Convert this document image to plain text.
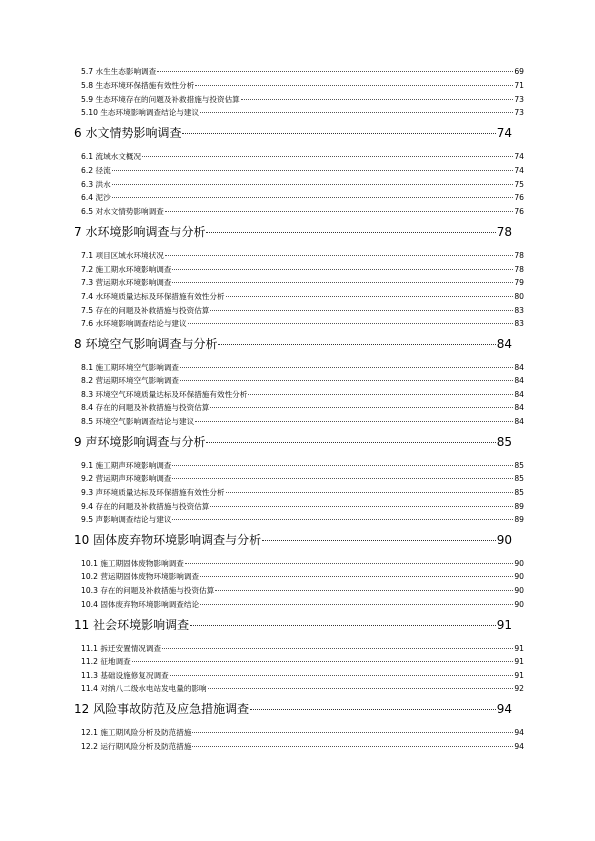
5.7 水生生态影响调查	69
5.8 生态环境环保措施有效性分析	71
5.9 生态环境存在的问题及补救措施与投资估算	73
5.10 生态环境影响调查结论与建议	73
6 水文情势影响调查	74
6.1 流域水文概况	74
6.2 径流	74
6.3 洪水	75
6.4 泥沙	76
6.5 对水文情势影响调查	76
7 水环境影响调查与分析	78
7.1 项目区域水环境状况	78
7.2 施工期水环境影响调查	78
7.3 营运期水环境影响调查	79
7.4 水环境质量达标及环保措施有效性分析	80
7.5 存在的问题及补救措施与投资估算	83
7.6 水环境影响调查结论与建议	83
8 环境空气影响调查与分析	84
8.1 施工期环境空气影响调查	84
8.2 营运期环境空气影响调查	84
8.3 环境空气环境质量达标及环保措施有效性分析	84
8.4 存在的问题及补救措施与投资估算	84
8.5 环境空气影响调查结论与建议	84
9 声环境影响调查与分析	85
9.1 施工期声环境影响调查	85
9.2 营运期声环境影响调查	85
9.3 声环境质量达标及环保措施有效性分析	85
9.4 存在的问题及补救措施与投资估算	89
9.5 声影响调查结论与建议	89
10 固体废弃物环境影响调查与分析	90
10.1 施工期固体废物影响调查	90
10.2 营运期固体废物环境影响调查	90
10.3 存在的问题及补救措施与投资估算	90
10.4 固体废弃物环境影响调查结论	90
11 社会环境影响调查	91
11.1 拆迁安置情况调查	91
11.2 征地调查	91
11.3 基础设施修复况调查	91
11.4 对纳八二级水电站发电量的影响	92
12 风险事故防范及应急措施调查	94
12.1 施工期风险分析及防范措施	94
12.2 运行期风险分析及防范措施	94
